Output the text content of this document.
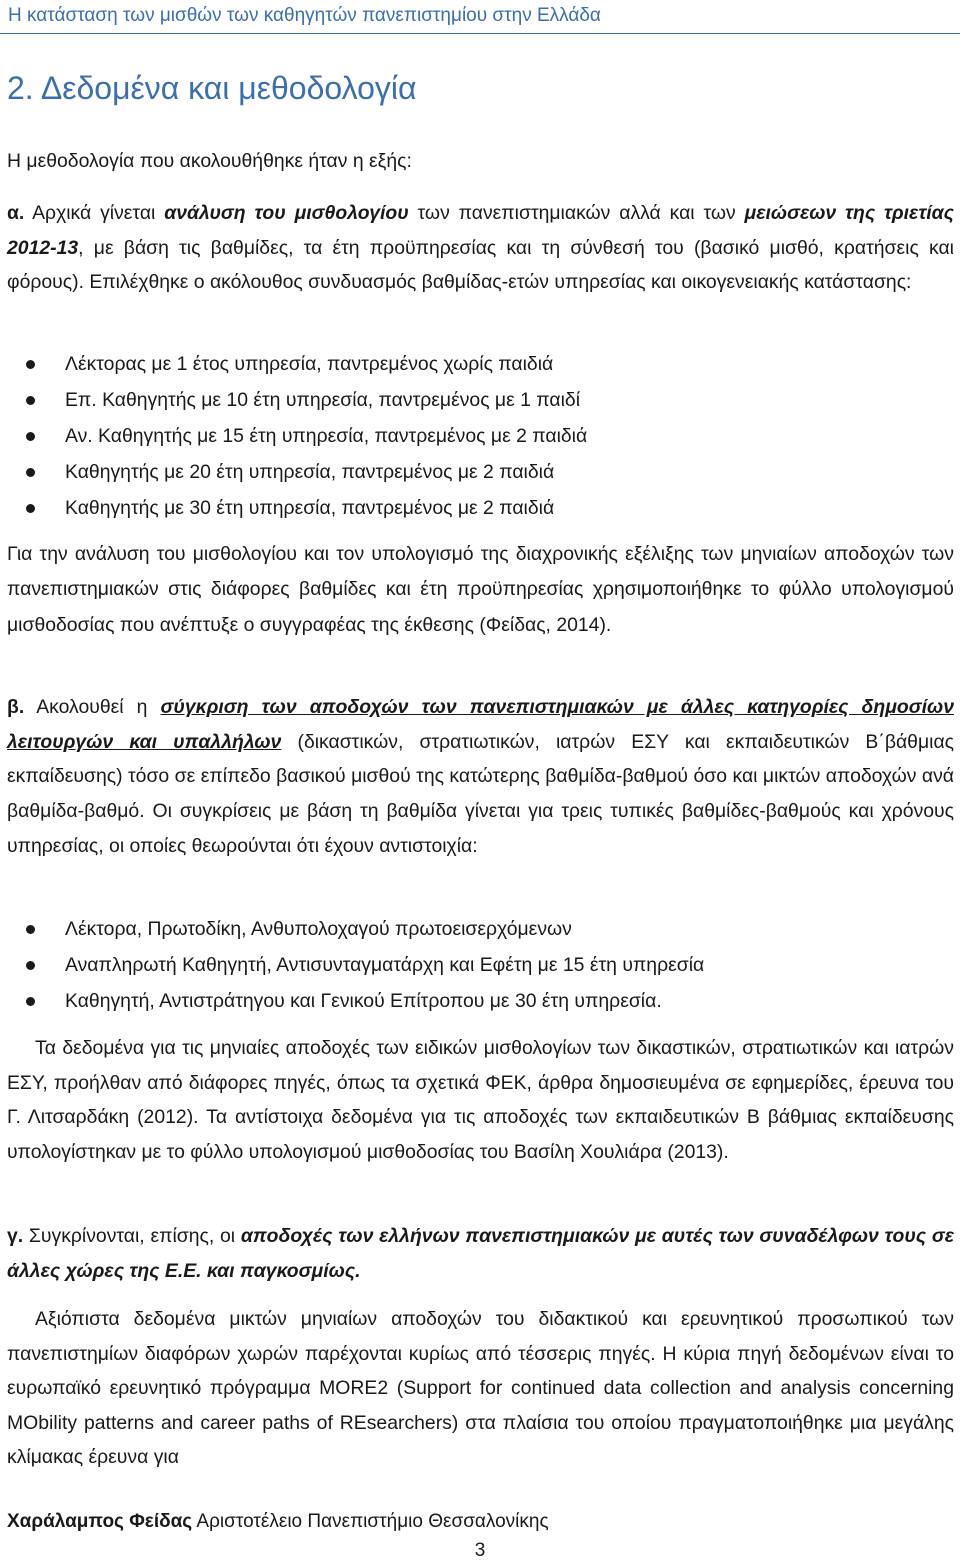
Η κατάσταση των μισθών των καθηγητών πανεπιστημίου στην Ελλάδα
2. Δεδομένα και μεθοδολογία

Η μεθοδολογία που ακολουθήθηκε ήταν η εξής:

α. Αρχικά γίνεται ανάλυση του μισθολογίου των πανεπιστημιακών αλλά και των μειώσεων της τριετίας 2012-13, με βάση τις βαθμίδες, τα έτη προϋπηρεσίας και τη σύνθεσή του (βασικό μισθό, κρατήσεις και φόρους). Επιλέχθηκε ο ακόλουθος συνδυασμός βαθμίδας-ετών υπηρεσίας και οικογενειακής κατάστασης:

Λέκτορας με 1 έτος υπηρεσία, παντρεμένος χωρίς παιδιά
Επ. Καθηγητής με 10 έτη υπηρεσία, παντρεμένος με 1 παιδί
Αν. Καθηγητής με 15 έτη υπηρεσία, παντρεμένος με 2 παιδιά
Καθηγητής με 20 έτη υπηρεσία, παντρεμένος με 2 παιδιά
Καθηγητής με 30 έτη υπηρεσία, παντρεμένος με 2 παιδιά

Για την ανάλυση του μισθολογίου και τον υπολογισμό της διαχρονικής εξέλιξης των μηνιαίων αποδοχών των πανεπιστημιακών στις διάφορες βαθμίδες και έτη προϋπηρεσίας χρησιμοποιήθηκε το φύλλο υπολογισμού μισθοδοσίας που ανέπτυξε ο συγγραφέας της έκθεσης (Φείδας, 2014).

β. Ακολουθεί η σύγκριση των αποδοχών των πανεπιστημιακών με άλλες κατηγορίες δημοσίων λειτουργών και υπαλλήλων (δικαστικών, στρατιωτικών, ιατρών ΕΣΥ και εκπαιδευτικών Β΄βάθμιας εκπαίδευσης) τόσο σε επίπεδο βασικού μισθού της κατώτερης βαθμίδα-βαθμού όσο και μικτών αποδοχών ανά βαθμίδα-βαθμό. Οι συγκρίσεις με βάση τη βαθμίδα γίνεται για τρεις τυπικές βαθμίδες-βαθμούς και χρόνους υπηρεσίας, οι οποίες θεωρούνται ότι έχουν αντιστοιχία:

Λέκτορα, Πρωτοδίκη, Ανθυπολοχαγού πρωτοεισερχόμενων
Αναπληρωτή Καθηγητή, Αντισυνταγματάρχη και Εφέτη με 15 έτη υπηρεσία
Καθηγητή, Αντιστράτηγου και Γενικού Επίτροπου με 30 έτη υπηρεσία.

Τα δεδομένα για τις μηνιαίες αποδοχές των ειδικών μισθολογίων των δικαστικών, στρατιωτικών και ιατρών ΕΣΥ, προήλθαν από διάφορες πηγές, όπως τα σχετικά ΦΕΚ, άρθρα δημοσιευμένα σε εφημερίδες, έρευνα του Γ. Λιτσαρδάκη (2012). Τα αντίστοιχα δεδομένα για τις αποδοχές των εκπαιδευτικών Β βάθμιας εκπαίδευσης υπολογίστηκαν με το φύλλο υπολογισμού μισθοδοσίας του Βασίλη Χουλιάρα (2013).

γ. Συγκρίνονται, επίσης, οι αποδοχές των ελλήνων πανεπιστημιακών με αυτές των συναδέλφων τους σε άλλες χώρες της Ε.Ε. και παγκοσμίως.

Αξιόπιστα δεδομένα μικτών μηνιαίων αποδοχών του διδακτικού και ερευνητικού προσωπικού των πανεπιστημίων διαφόρων χωρών παρέχονται κυρίως από τέσσερις πηγές. Η κύρια πηγή δεδομένων είναι το ευρωπαϊκό ερευνητικό πρόγραμμα MORE2 (Support for continued data collection and analysis concerning MObility patterns and career paths of REsearchers) στα πλαίσια του οποίου πραγματοποιήθηκε μια μεγάλης κλίμακας έρευνα για

Χαράλαμπος Φείδας Αριστοτέλειο Πανεπιστήμιο Θεσσαλονίκης
3
